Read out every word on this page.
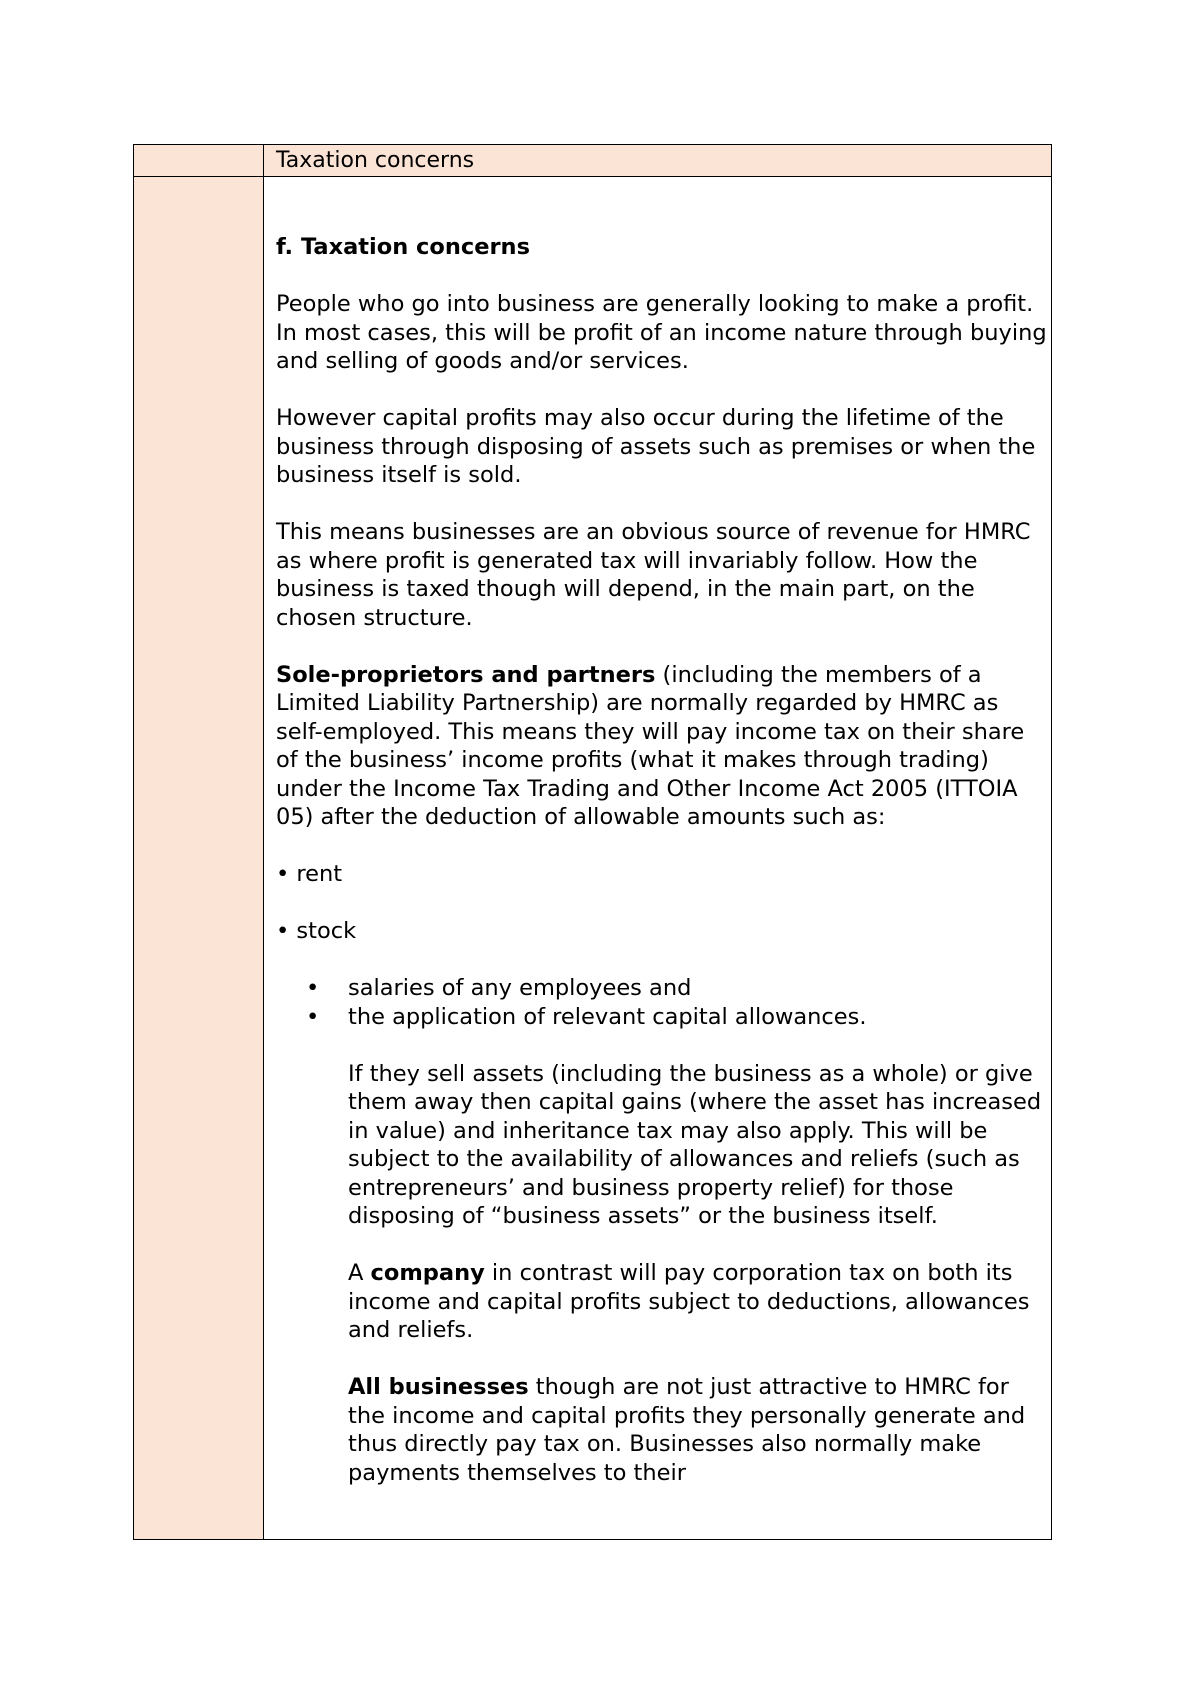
Taxation concerns
f. Taxation concerns

People who go into business are generally looking to make a profit. In most cases, this will be profit of an income nature through buying and selling of goods and/or services.

However capital profits may also occur during the lifetime of the business through disposing of assets such as premises or when the business itself is sold.

This means businesses are an obvious source of revenue for HMRC as where profit is generated tax will invariably follow. How the business is taxed though will depend, in the main part, on the chosen structure.

Sole-proprietors and partners (including the members of a Limited Liability Partnership) are normally regarded by HMRC as self-employed. This means they will pay income tax on their share of the business’ income profits (what it makes through trading) under the Income Tax Trading and Other Income Act 2005 (ITTOIA 05) after the deduction of allowable amounts such as:

• rent
• stock
• salaries of any employees and
• the application of relevant capital allowances.

If they sell assets (including the business as a whole) or give them away then capital gains (where the asset has increased in value) and inheritance tax may also apply. This will be subject to the availability of allowances and reliefs (such as entrepreneurs’ and business property relief) for those disposing of “business assets” or the business itself.

A company in contrast will pay corporation tax on both its income and capital profits subject to deductions, allowances and reliefs.

All businesses though are not just attractive to HMRC for the income and capital profits they personally generate and thus directly pay tax on. Businesses also normally make payments themselves to their
